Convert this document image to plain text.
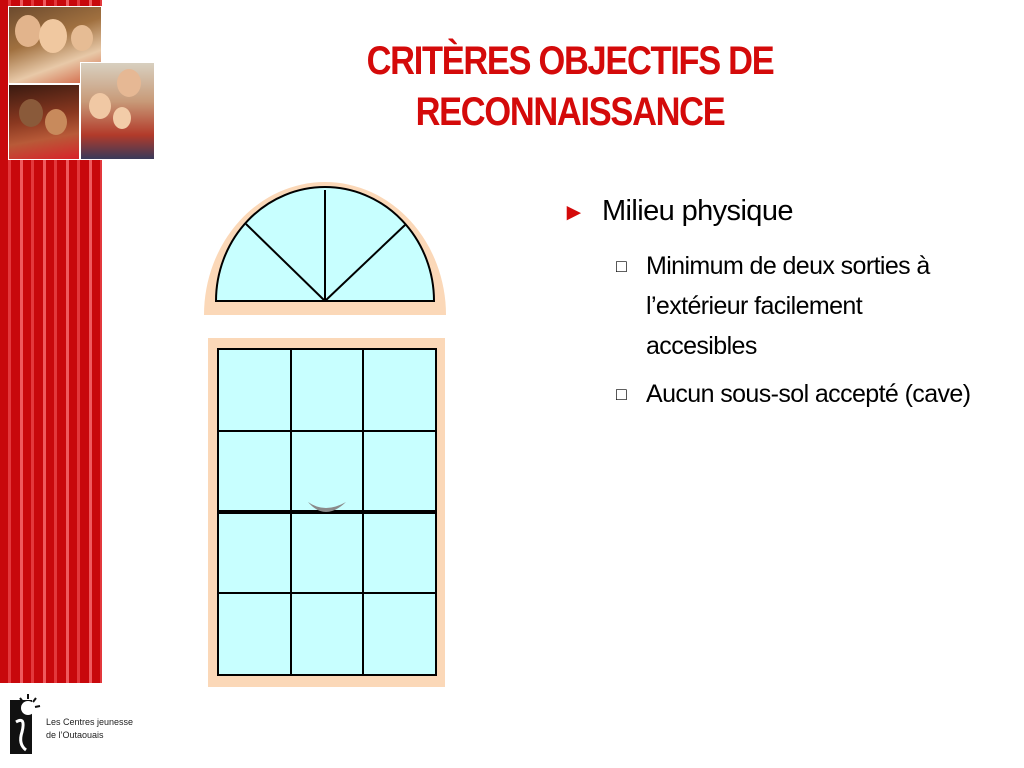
CRITÈRES OBJECTIFS DE
RECONNAISSANCE
► Milieu physique
□ Minimum de deux sorties à l’extérieur facilement accesibles
□ Aucun sous-sol accepté (cave)
Les Centres jeunesse
de l’Outaouais
